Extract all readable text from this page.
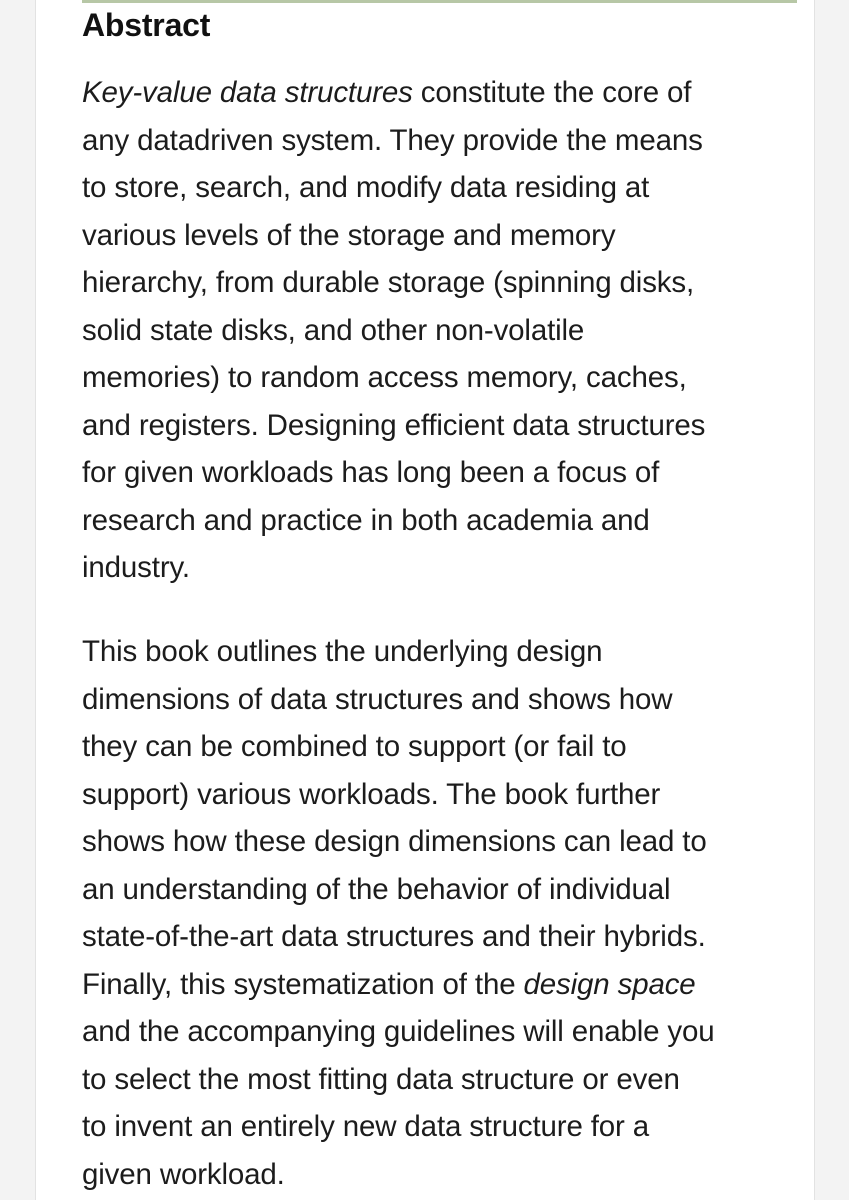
Abstract

Key-value data structures constitute the core of
any datadriven system. They provide the means
to store, search, and modify data residing at
various levels of the storage and memory
hierarchy, from durable storage (spinning disks,
solid state disks, and other non-volatile
memories) to random access memory, caches,
and registers. Designing efficient data structures
for given workloads has long been a focus of
research and practice in both academia and
industry.

This book outlines the underlying design
dimensions of data structures and shows how
they can be combined to support (or fail to
support) various workloads. The book further
shows how these design dimensions can lead to
an understanding of the behavior of individual
state-of-the-art data structures and their hybrids.
Finally, this systematization of the design space
and the accompanying guidelines will enable you
to select the most fitting data structure or even
to invent an entirely new data structure for a
given workload.
